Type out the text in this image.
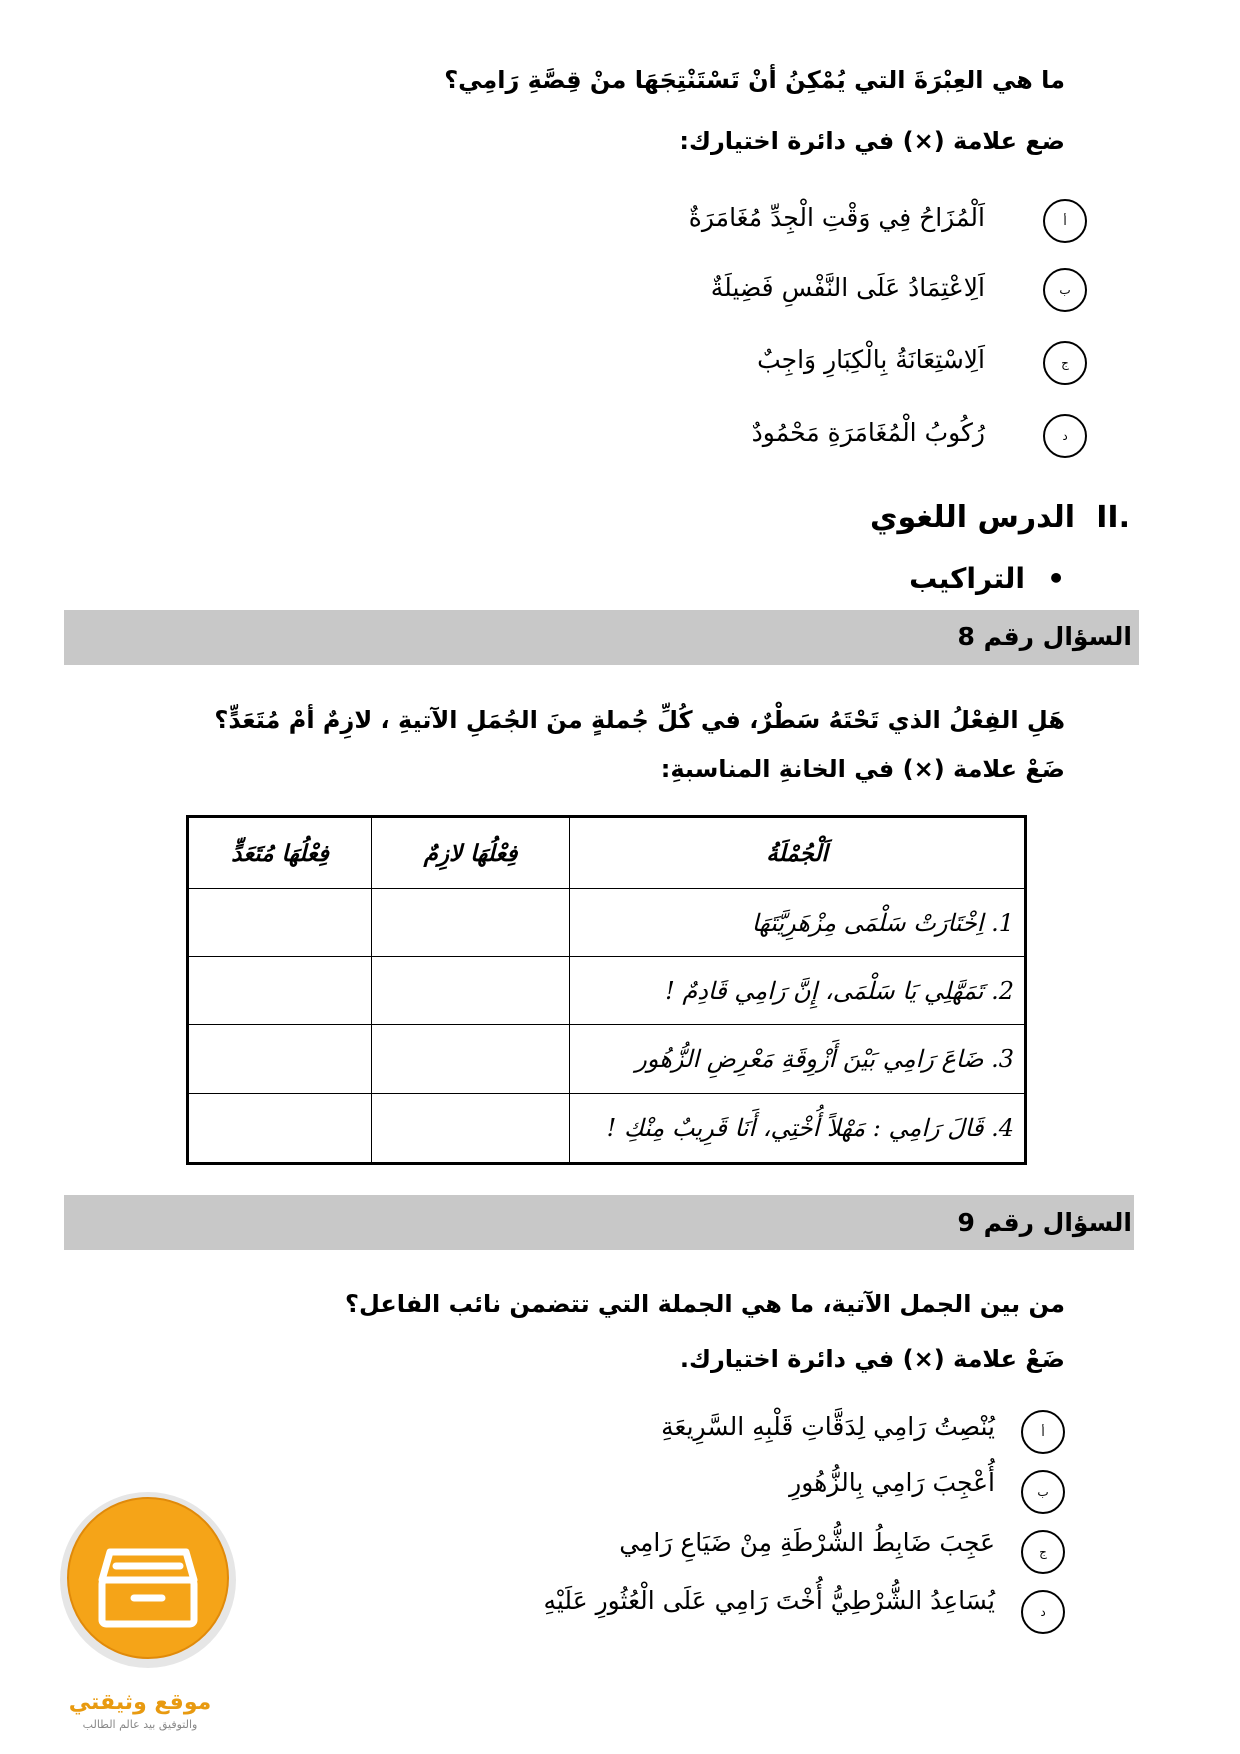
ما هي العِبْرَةَ التي يُمْكِنُ أنْ تَسْتَنْتِجَهَا منْ قِصَّةِ رَامِي؟
ضع علامة (×) في دائرة اختيارك:
أ
اَلْمُزَاحُ فِي وَقْتِ الْجِدِّ مُغَامَرَةٌ
ب
اَلِاعْتِمَادُ عَلَى النَّفْسِ فَضِيلَةٌ
ج
اَلِاسْتِعَانَةُ بِالْكِبَارِ وَاجِبٌ
د
رُكُوبُ الْمُغَامَرَةِ مَحْمُودٌ
II.
الدرس اللغوي
•
التراكيب
السؤال رقم 8
هَلِ الفِعْلُ الذي تَحْتَهُ سَطْرٌ، في كُلِّ جُملةٍ منَ الجُمَلِ الآتيةِ ، لازِمٌ أمْ مُتَعَدٍّ؟
ضَعْ علامة (×) في الخانةِ المناسبةِ:
اَلْجُمْلَةُ	فِعْلُهَا لازِمٌ	فِعْلُهَا مُتَعَدٍّ
1. اِخْتَارَتْ سَلْمَى مِزْهَرِيَّتَهَا		
2. تَمَهَّلِي يَا سَلْمَى، إِنَّ رَامِي قَادِمٌ !		
3. ضَاعَ رَامِي بَيْنَ أَزْوِقَةِ مَعْرِضِ الزُّهُور		
4. قَالَ رَامِي : مَهْلاً أُخْتِي، أَنَا قَرِيبٌ مِنْكِ !		
السؤال رقم 9
من بين الجمل الآتية، ما هي الجملة التي تتضمن نائب الفاعل؟
ضَعْ علامة (×) في دائرة اختيارك.
أ
يُنْصِتُ رَامِي لِدَقَّاتِ قَلْبِهِ السَّرِيعَةِ
ب
أُعْجِبَ رَامِي بِالزُّهُورِ
ج
عَجِبَ ضَابِطُ الشُّرْطَةِ مِنْ ضَيَاعِ رَامِي
د
يُسَاعِدُ الشُّرْطِيُّ أُخْتَ رَامِي عَلَى الْعُثُورِ عَلَيْهِ
موقع وثيقتي
والتوفيق بيد عالم الطالب
